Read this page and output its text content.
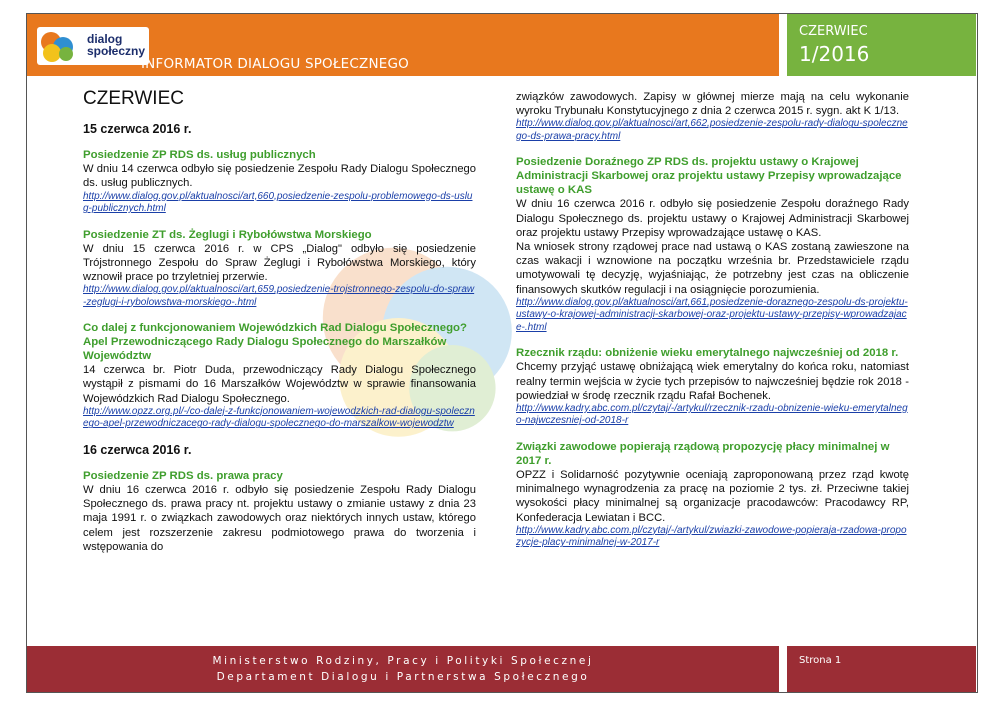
dialog
społeczny
INFORMATOR DIALOGU SPOŁECZNEGO
CZERWIEC
1/2016
CZERWIEC
15 czerwca 2016 r.
Posiedzenie ZP RDS ds. usług publicznych
W dniu 14 czerwca odbyło się posiedzenie Zespołu Rady Dialogu Społecznego ds. usług publicznych.
http://www.dialog.gov.pl/aktualnosci/art,660,posiedzenie-zespolu-problemowego-ds-uslug-publicznych.html
Posiedzenie ZT ds. Żeglugi i Rybołówstwa Morskiego
W dniu 15 czerwca 2016 r. w CPS „Dialog" odbyło się posiedzenie Trójstronnego Zespołu do Spraw Żeglugi i Rybołówstwa Morskiego, który wznowił prace po trzyletniej przerwie.
http://www.dialog.gov.pl/aktualnosci/art,659,posiedzenie-trojstronnego-zespolu-do-spraw-zeglugi-i-rybolowstwa-morskiego-.html
Co dalej z funkcjonowaniem Wojewódzkich Rad Dialogu Społecznego? Apel Przewodniczącego Rady Dialogu Społecznego do Marszałków Województw
14 czerwca br. Piotr Duda, przewodniczący Rady Dialogu Społecznego wystąpił z pismami do 16 Marszałków Województw w sprawie finansowania Wojewódzkich Rad Dialogu Społecznego.
http://www.opzz.org.pl/-/co-dalej-z-funkcjonowaniem-wojewodzkich-rad-dialogu-spolecznego-apel-przewodniczacego-rady-dialogu-spolecznego-do-marszalkow-wojewodztw
16 czerwca 2016 r.
Posiedzenie ZP RDS ds. prawa pracy
W dniu 16 czerwca 2016 r. odbyło się posiedzenie Zespołu Rady Dialogu Społecznego ds. prawa pracy nt. projektu ustawy o zmianie ustawy z dnia 23 maja 1991 r. o związkach zawodowych oraz niektórych innych ustaw, którego celem jest rozszerzenie zakresu podmiotowego prawa do tworzenia i wstępowania do
związków zawodowych. Zapisy w głównej mierze mają na celu wykonanie wyroku Trybunału Konstytucyjnego z dnia 2 czerwca 2015 r. sygn. akt K 1/13.
http://www.dialog.gov.pl/aktualnosci/art,662,posiedzenie-zespolu-rady-dialogu-spolecznego-ds-prawa-pracy.html
Posiedzenie Doraźnego ZP RDS ds. projektu ustawy o Krajowej Administracji Skarbowej oraz projektu ustawy Przepisy wprowadzające ustawę o KAS
W dniu 16 czerwca 2016 r. odbyło się posiedzenie Zespołu doraźnego Rady Dialogu Społecznego ds. projektu ustawy o Krajowej Administracji Skarbowej oraz projektu ustawy Przepisy wprowadzające ustawę o KAS.
Na wniosek strony rządowej prace nad ustawą o KAS zostaną zawieszone na czas wakacji i wznowione na początku września br. Przedstawiciele rządu umotywowali tę decyzję, wyjaśniając, że potrzebny jest czas na obliczenie finansowych skutków regulacji i na osiągnięcie porozumienia.
http://www.dialog.gov.pl/aktualnosci/art,661,posiedzenie-doraznego-zespolu-ds-projektu-ustawy-o-krajowej-administracji-skarbowej-oraz-projektu-ustawy-przepisy-wprowadzajace-.html
Rzecznik rządu: obniżenie wieku emerytalnego najwcześniej od 2018 r.
Chcemy przyjąć ustawę obniżającą wiek emerytalny do końca roku, natomiast realny termin wejścia w życie tych przepisów to najwcześniej będzie rok 2018 - powiedział w środę rzecznik rządu Rafał Bochenek.
http://www.kadry.abc.com.pl/czytaj/-/artykul/rzecznik-rzadu-obnizenie-wieku-emerytalnego-najwczesniej-od-2018-r
Związki zawodowe popierają rządową propozycję płacy minimalnej w 2017 r.
OPZZ i Solidarność pozytywnie oceniają zaproponowaną przez rząd kwotę minimalnego wynagrodzenia za pracę na poziomie 2 tys. zł. Przeciwne takiej wysokości płacy minimalnej są organizacje pracodawców: Pracodawcy RP, Konfederacja Lewiatan i BCC.
http://www.kadry.abc.com.pl/czytaj/-/artykul/zwiazki-zawodowe-popieraja-rzadowa-propozycje-placy-minimalnej-w-2017-r
Ministerstwo Rodziny, Pracy i Polityki Społecznej
Departament Dialogu i Partnerstwa Społecznego
Strona 1
